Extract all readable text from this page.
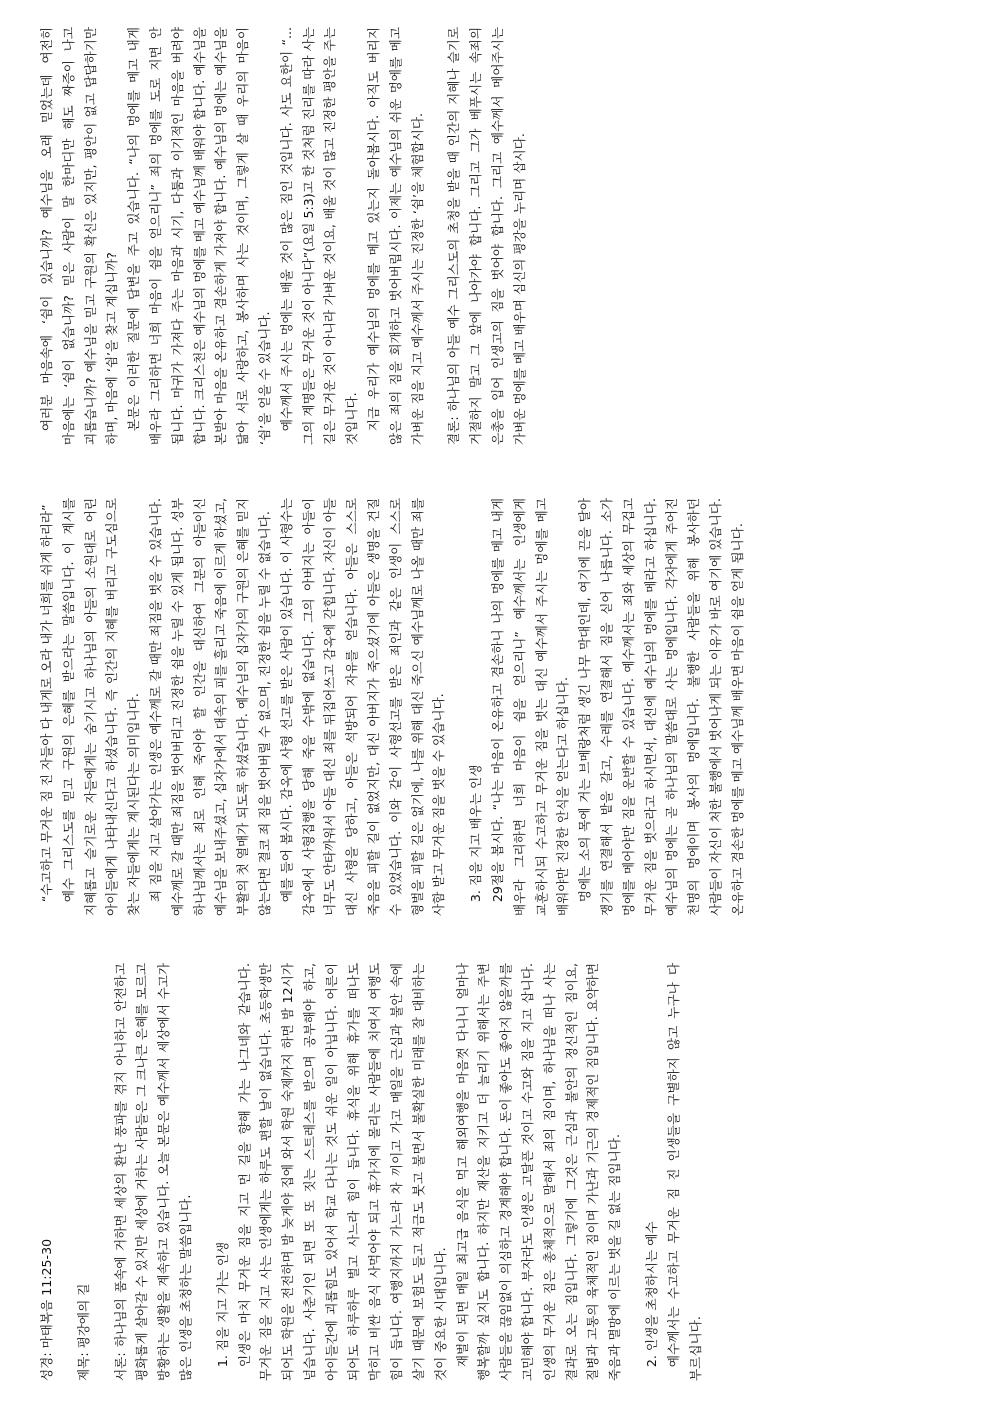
성경: 마태복음 11:25-30	제목: 평강에의 길	서론: 하나님의 품속에 거하면 세상의 환난 풍파를 겪지 아니하고 안전하고 평화롭게 살아갈 수 있지만 세상에 거하는 사람들은 그 크나큰 은혜를 모르고 방황하는 생활을 계속하고 있습니다. 오늘 본문은 예수께서 세상에서 수고가 많은 인생을 초청하는 말씀입니다.	1. 짐을 지고 가는 인생 인생은 마치 무거운 짐을 지고 먼 길을 향해 가는 나그네와 같습니다. 무거운 짐을 지고 사는 인생에게는 하루도 편할 날이 없습니다. 초등학생만 되어도 학원을 전전하며 밤 늦게야 집에 와서 학원 숙제까지 하면 밤 12시가 넘습니다. 사춘기인 되면 또 또 짓는 스트레스를 받으며 공부해야 하고, 아이들간에 괴롭힘도 있어서 학교 다니는 것도 쉬운 일이 아닙니다. 어른이 되어도 하루하루 벌고 사느라 힘이 듭니다. 휴식을 위해 휴가를 떠나도 막히고 비싼 음식 사먹어야 되고 휴가지에 몰리는 사람들에 치여서 여행도 힘이 듭니다. 여행지까지 가느라 차 끼이고 가고 매일을 근심과 불안 속에 살기 때문에 보험도 들고 적금도 붓고 불면서 불확실한 미래를 잘 대비하는 것이 중요한 시대입니다. 재벌이 되면 매일 최고급 음식을 먹고 해외여행을 마음껏 다니니 얼마나 행복할까 싶지도 합니다. 하지만 재산을 지키고 더 늘리기 위해서는 주변 사람들을 끊임없이 의심하고 경계해야 합니다. 돈이 좋아도 좋아지 않을까를 고민해야 합니다. 부자라도 인생은 고달픈 것이고 수고와 짐을 지고 삽니다. 인생의 무거운 짐은 총체적으로 말해서 죄의 짐이며, 하나님을 떠나 사는 결과로 오는 짐입니다. 그렇기에 그것은 근심과 불안의 정신적인 짐이요, 질병과 고통의 육체적인 짐이며 가난과 기근의 경제적인 짐입니다. 요약하면 죽음과 멸망에 이르는 벗을 길 없는 짐입니다.	2. 인생을 초청하시는 예수 예수께서는 수고하고 무거운 짐 진 인생들을 구별하지 않고 누구나 다 부르십니다.

“수고하고 무거운 짐 진 자들아 다 내게로 오라 내가 너희를 쉬게 하리라” 예수 그리스도를 믿고 구원의 은혜를 받으라는 말씀입니다. 이 계시를 지혜롭고 슬기로운 자들에게는 숨기시고 하나님의 아들의 소원대로 어린 아이들에게 나타내신다고 하셨습니다. 즉 인간의 지혜를 버리고 구도심으로 찾는 자들에게는 계시된다는 의미입니다. 죄 짐을 지고 살아가는 인생은 예수께로 갈 때만 죄짐을 벗을 수 있습니다. 예수께로 갈 때만 죄짐을 벗어버리고 진정한 쉼을 누릴 수 있게 됩니다. 성부 하나님께서는 죄로 인해 죽어야 할 인간을 대신하여 그분의 아들이신 예수님을 보내주셨고, 십자가에서 대속의 피를 흘리고 죽음에 이르게 하셨고, 부활의 첫 열매가 되도록 하셨습니다. 예수님의 십자가의 구원의 은혜를 믿지 않는다면 결코 죄 짐을 벗어버릴 수 없으며, 진정한 쉼을 누릴 수 없습니다. 예를 들어 봅시다. 감옥에 사형 선고를 받은 사람이 있습니다. 이 사형수는 감옥에서 사형집행을 당해 죽을 수밖에 없습니다. 그의 아버지는 아들이 너무도 안타까워서 아들 대신 죄를 뒤집어쓰고 감옥에 갇힙니다. 자신이 아들 대신 사형을 당하고, 아들은 석방되어 자유를 얻습니다. 아들은 스스로 죽음을 피할 길이 없었지만, 대신 아버지가 죽으셨기에 아들은 생명을 건질 수 있었습니다. 이와 같이 사형선고를 받은 죄인과 같은 인생이 스스로 형벌을 피할 길은 없기에, 나를 위해 대신 죽으신 예수님께로 나올 때만 죄를 사함 받고 무거운 짐을 벗을 수 있습니다.	3. 짐을 지고 배우는 인생 29절을 봅시다. “나는 마음이 온유하고 겸손하니 나의 멍에를 메고 내게 배우라 그리하면 너희 마음이 쉼을 얻으리니” 예수께서는 인생에게 교훈하시되 수고하고 무거운 짐을 벗는 대신 예수께서 주시는 멍에를 메고 배워야만 진정한 안식을 얻는다고 하십니다. 멍에는 소의 목에 거는 브메랑처럼 생긴 나무 막대인데, 여기에 끈을 달아 쟁기를 연결해서 밭을 갈고, 수레를 연결해서 짐을 싣어 나릅니다. 소가 멍에를 메어야만 짐을 운반할 수 있습니다. 예수께서는 죄와 세상의 무겁고 무거운 짐을 벗으라고 하시면서, 대신에 예수님의 멍에를 메라고 하십니다. 예수님의 멍에는 곧 하나님의 말씀대로 사는 멍에입니다. 각자에게 주어진 천명의 멍에이며 봉사의 멍에입니다. 불행한 사람들을 위해 봉사하던 사람들이 자신이 처한 불행에서 벗어나게 되는 이유가 바로 여기에 있습니다. 온유하고 겸손한 멍에를 메고 예수님께 배우면 마음이 쉼을 얻게 됩니다.

여러분 마음속에 ‘쉼이 있습니까? 예수님을 오래 믿었는데 여전히 마음에는 ‘쉼이 없습니까? 믿은 사람이 말 한마디만 해도 짜증이 나고 괴롭습니까? 예수님을 믿고 구원의 확신은 있지만, 평안이 없고 답답하기만 하며, 마음에 ‘쉼’을 찾고 계십니까? 본문은 이러한 질문에 답변을 주고 있습니다. “나의 멍에를 메고 내게 배우라 그리하면 너희 마음이 쉼을 얻으리니” 죄의 멍에를 도로 지면 안 됩니다. 마귀가 가져다 주는 마음과 시기, 다툼과 이기적인 마음을 버려야 합니다. 크리스천은 예수님의 멍에를 메고 예수님께 배워야 합니다. 예수님을 본받아 마음을 온유하고 겸손하게 가져야 합니다. 예수님의 멍에는 예수님을 닮아 서로 사랑하고, 봉사하며 사는 것이며, 그렇게 살 때 우리의 마음이 ‘쉼’을 얻을 수 있습니다. 예수께서 주시는 멍에는 배울 것이 많은 짐인 것입니다. 사도 요한이 “... 그의 계명들은 무거운 것이 아니다”(요일 5:3)고 한 것처럼 진리를 따라 사는 길은 무거운 것이 아니라 가벼운 것이요, 배울 것이 많고 진정한 평안을 주는 것입니다. 지금 우리가 예수님의 멍에를 메고 있는지 돌아봅시다. 아직도 버리지 않은 죄의 짐을 회개하고 벗어버립시다. 이제는 예수님의 쉬운 멍에를 메고 가벼운 짐을 지고 예수께서 주시는 진정한 ‘쉼’을 체험합시다.	결론: 하나님의 아들 예수 그리스도의 초청을 받을 때 인간의 지혜나 슬기로 거절하지 말고 그 앞에 나아가야 합니다. 그리고 그가 베푸시는 속죄의 은총을 입어 인생고의 짐을 벗어야 합니다. 그리고 예수께서 메어주시는 가벼운 멍에를 메고 배우며 심신의 평강을 누리며 삽시다.
